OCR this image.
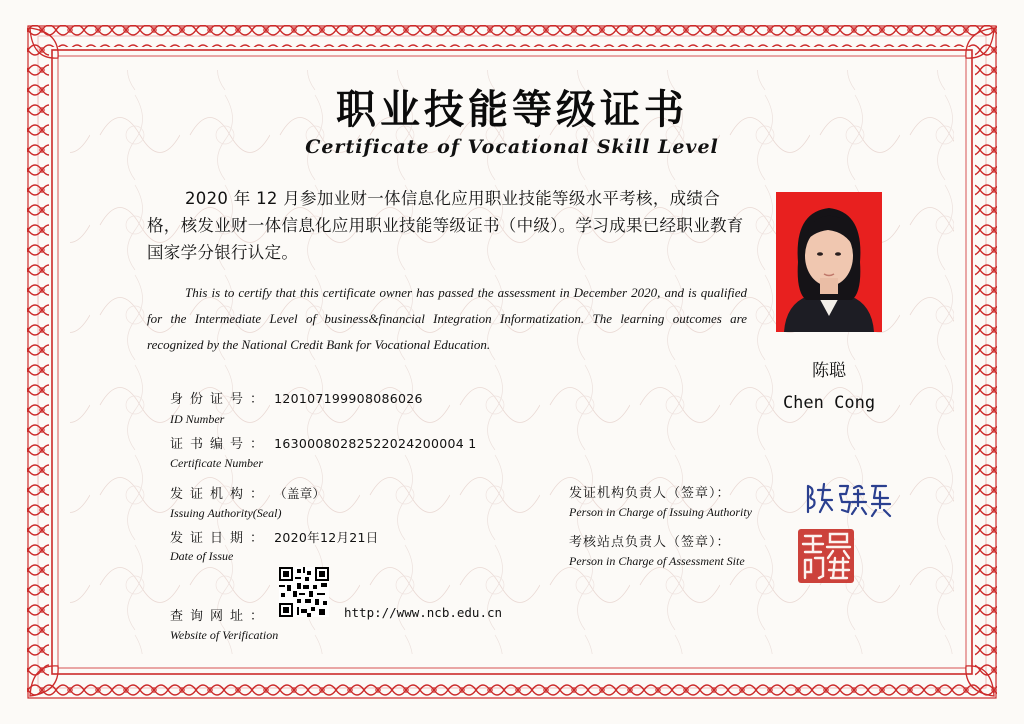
职业技能等级证书
Certificate of Vocational Skill Level
2020 年 12 月参加业财一体信息化应用职业技能等级水平考核，成绩合格，核发业财一体信息化应用职业技能等级证书（中级）。学习成果已经职业教育国家学分银行认定。
This is to certify that this certificate owner has passed the assessment in December 2020, and is qualified for the Intermediate Level of business&financial Integration Informatization. The learning outcomes are recognized by the National Credit Bank for Vocational Education.
陈聪
Chen Cong
身份证号： 120107199908086026
ID Number
证书编号： 16300080282522024200004 1
Certificate Number
发证机构： （盖章）
Issuing Authority(Seal)
发证日期： 2020年12月21日
Date of Issue
查询网址：	http://www.ncb.edu.cn
Website of Verification
发证机构负责人（签章）：
Person in Charge of Issuing Authority
考核站点负责人（签章）：
Person in Charge of Assessment Site
